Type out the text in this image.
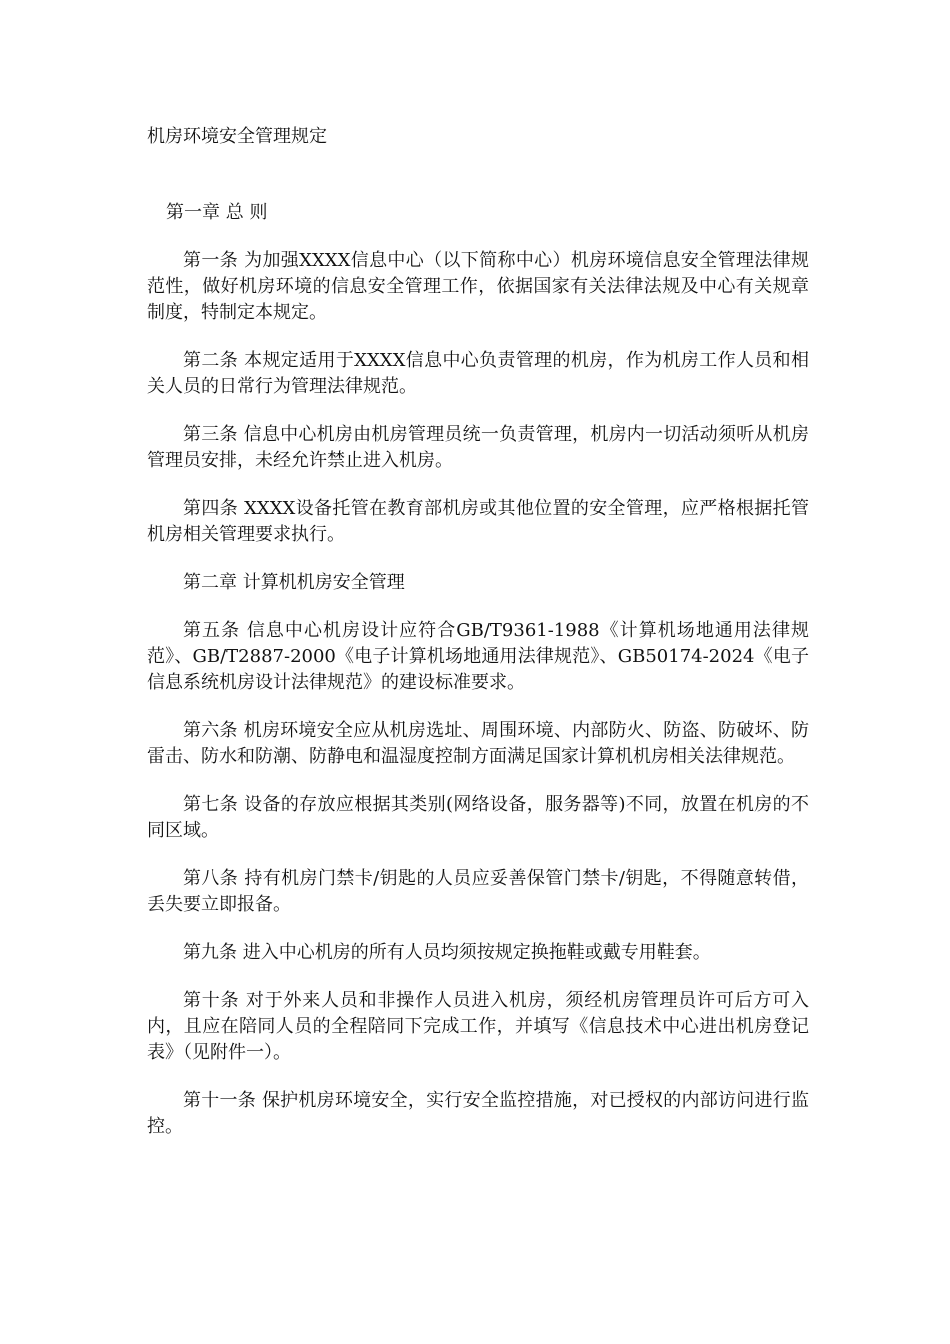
机房环境安全管理规定
第一章 总 则

第一条 为加强XXXX信息中心（以下简称中心）机房环境信息安全管理法律规范性，做好机房环境的信息安全管理工作，依据国家有关法律法规及中心有关规章制度，特制定本规定。

第二条 本规定适用于XXXX信息中心负责管理的机房，作为机房工作人员和相关人员的日常行为管理法律规范。

第三条 信息中心机房由机房管理员统一负责管理，机房内一切活动须听从机房管理员安排，未经允许禁止进入机房。

第四条 XXXX设备托管在教育部机房或其他位置的安全管理，应严格根据托管机房相关管理要求执行。

第二章 计算机机房安全管理

第五条 信息中心机房设计应符合GB/T9361-1988《计算机场地通用法律规范》、GB/T2887-2000《电子计算机场地通用法律规范》、GB50174-2024《电子信息系统机房设计法律规范》的建设标准要求。

第六条 机房环境安全应从机房选址、周围环境、内部防火、防盗、防破坏、防雷击、防水和防潮、防静电和温湿度控制方面满足国家计算机机房相关法律规范。

第七条 设备的存放应根据其类别(网络设备，服务器等)不同，放置在机房的不同区域。

第八条 持有机房门禁卡/钥匙的人员应妥善保管门禁卡/钥匙，不得随意转借，丢失要立即报备。

第九条 进入中心机房的所有人员均须按规定换拖鞋或戴专用鞋套。

第十条 对于外来人员和非操作人员进入机房，须经机房管理员许可后方可入内，且应在陪同人员的全程陪同下完成工作，并填写《信息技术中心进出机房登记表》（见附件一）。

第十一条 保护机房环境安全，实行安全监控措施，对已授权的内部访问进行监控。
